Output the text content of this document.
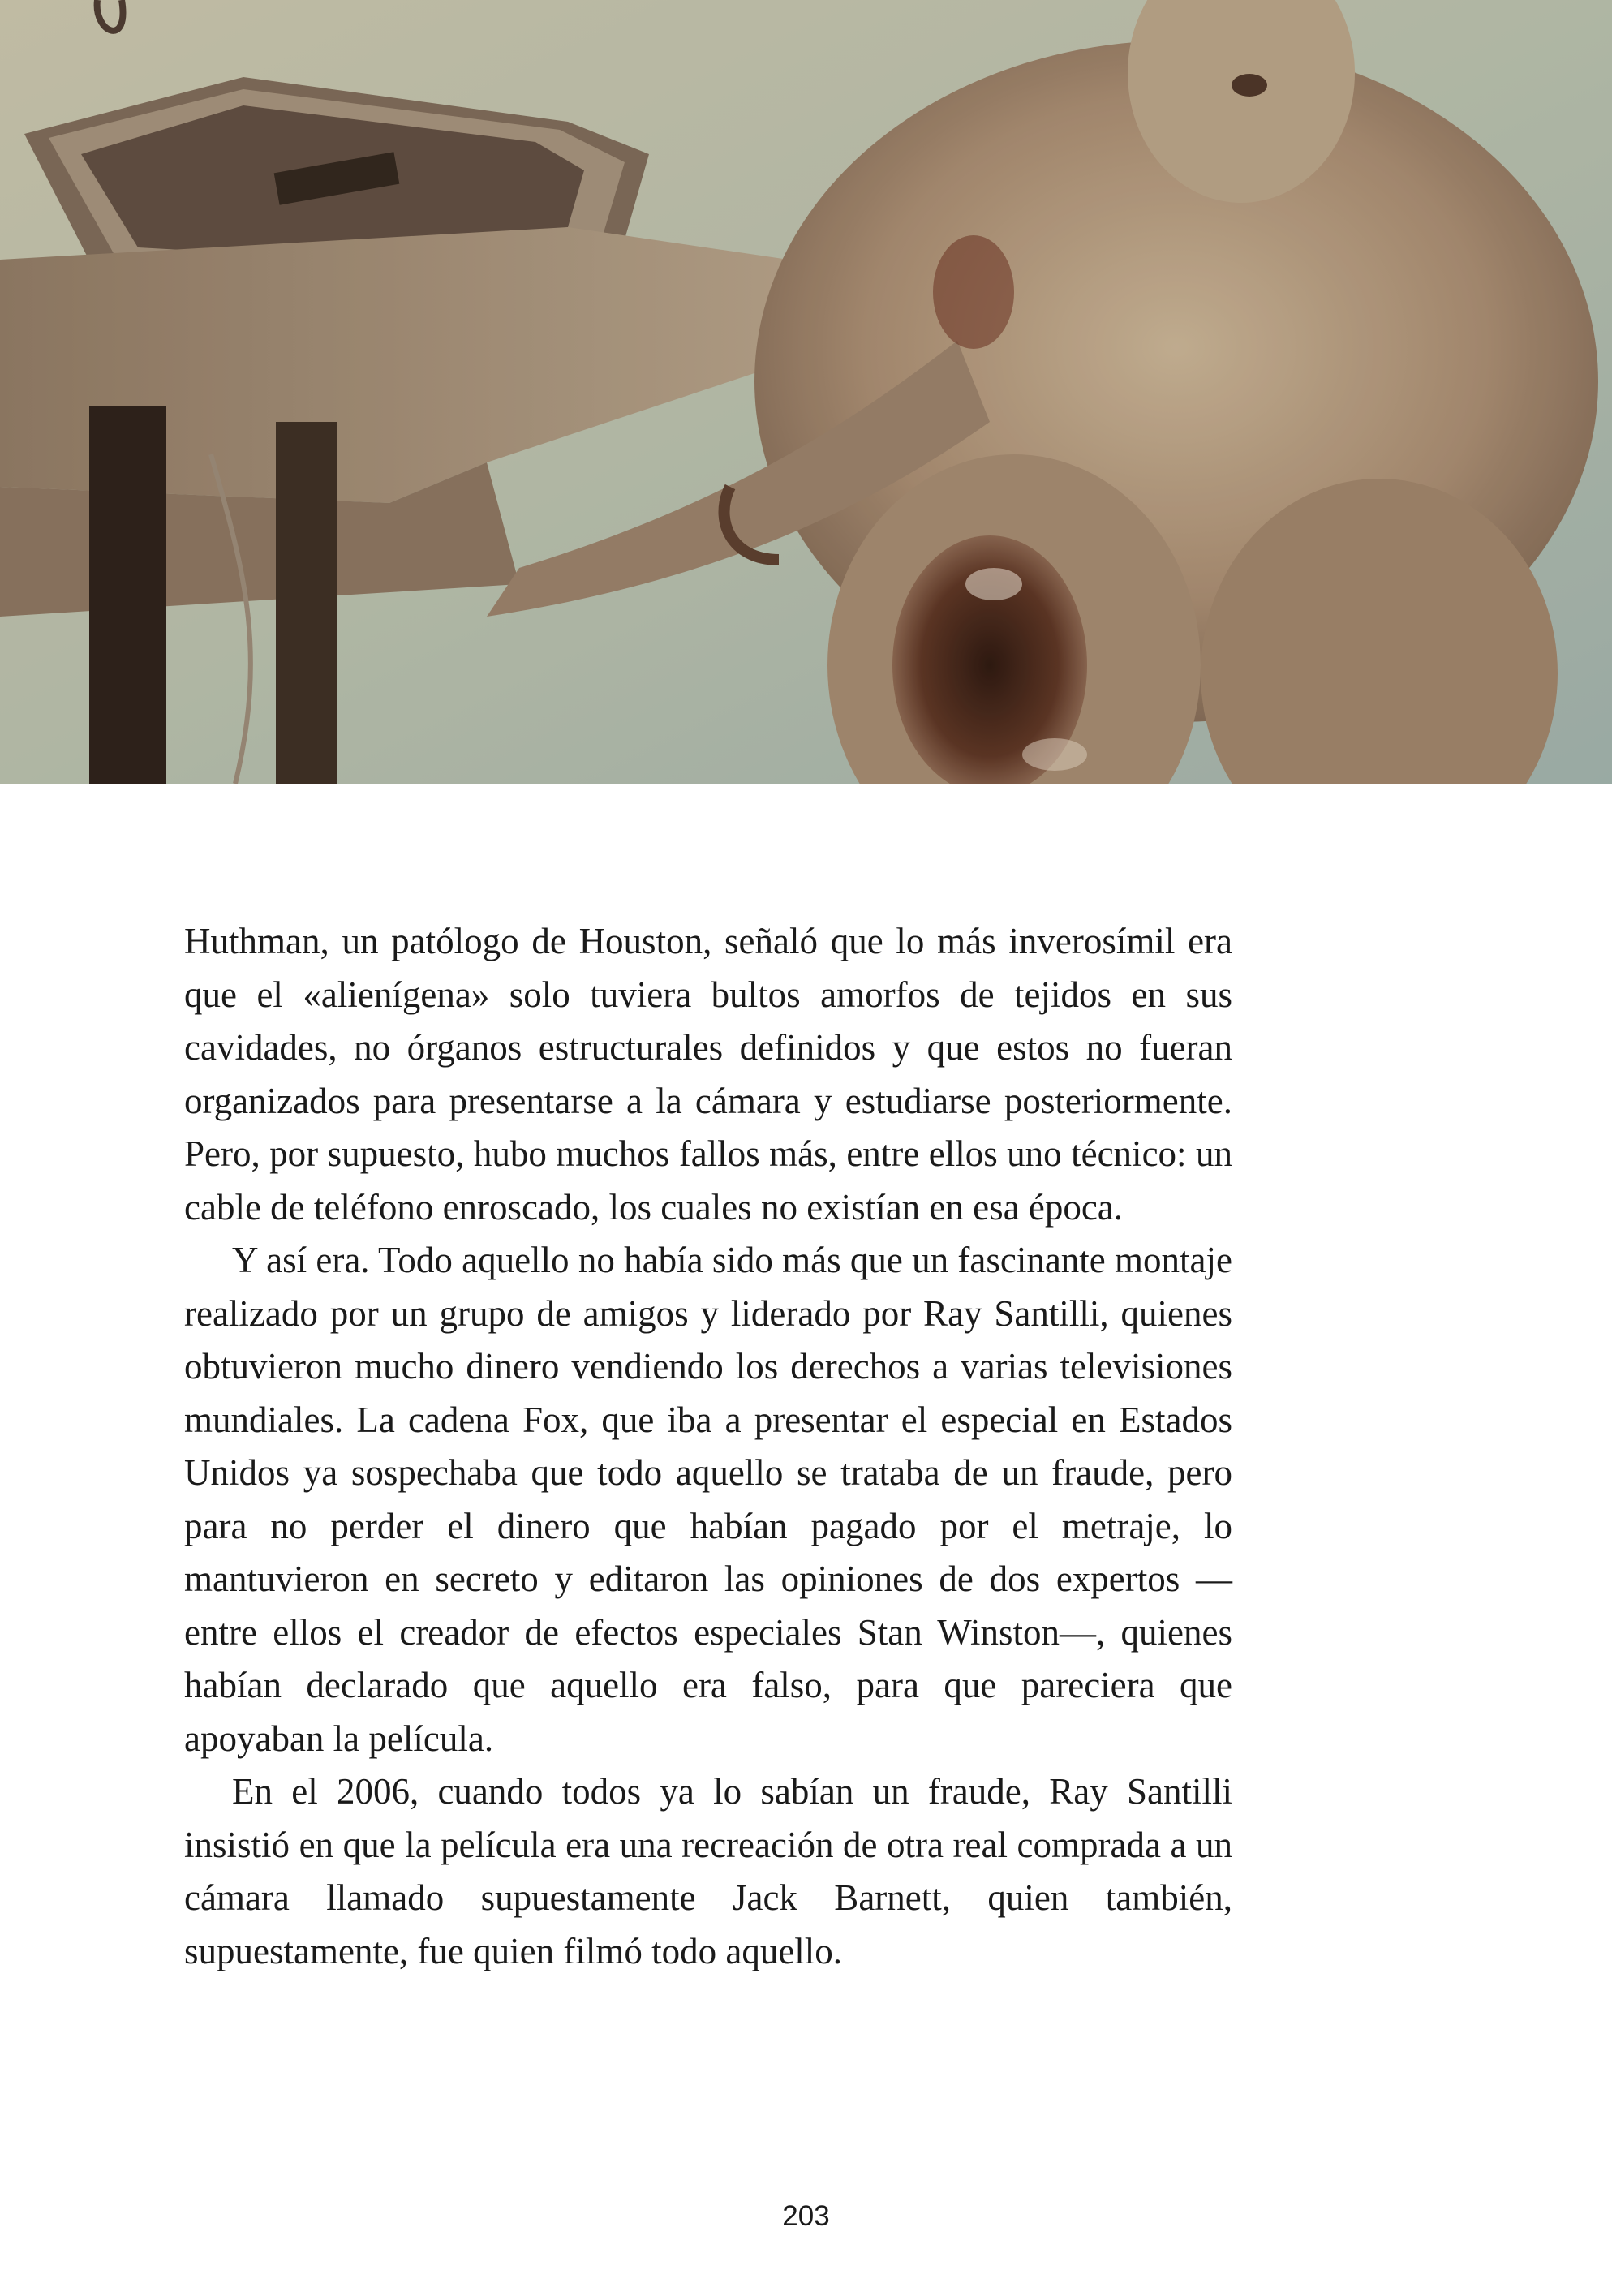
Huthman, un patólogo de Houston, señaló que lo más inverosímil era que el «alienígena» solo tuviera bultos amorfos de tejidos en sus cavidades, no órganos estructurales definidos y que estos no fueran organizados para presentarse a la cámara y estudiarse posteriormente. Pero, por supuesto, hubo muchos fallos más, entre ellos uno técnico: un cable de teléfono enroscado, los cuales no existían en esa época.

Y así era. Todo aquello no había sido más que un fascinante montaje realizado por un grupo de amigos y liderado por Ray Santilli, quienes obtuvieron mucho dinero vendiendo los derechos a varias televisiones mundiales. La cadena Fox, que iba a presentar el especial en Estados Unidos ya sospechaba que todo aquello se trataba de un fraude, pero para no perder el dinero que habían pagado por el metraje, lo mantuvieron en secreto y editaron las opiniones de dos expertos —entre ellos el creador de efectos especiales Stan Winston—, quienes habían declarado que aquello era falso, para que pareciera que apoyaban la película.

En el 2006, cuando todos ya lo sabían un fraude, Ray Santilli insistió en que la película era una recreación de otra real comprada a un cámara llamado supuestamente Jack Barnett, quien también, supuestamente, fue quien filmó todo aquello.

203
